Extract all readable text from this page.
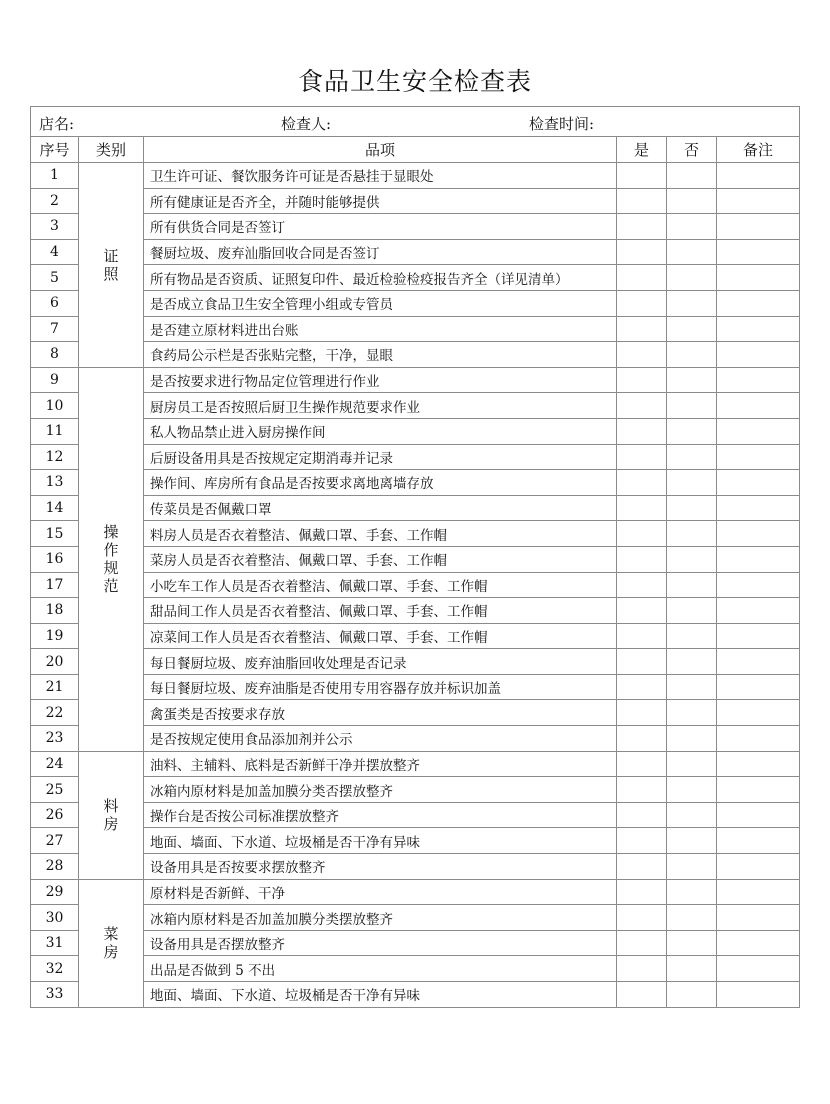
食品卫生安全检查表
店名: 检查人: 检查时间:					

序号	类别	品项	是	否	备注
1	证照	卫生许可证、餐饮服务许可证是否悬挂于显眼处			
2		所有健康证是否齐全，并随时能够提供			
3		所有供货合同是否签订			
4		餐厨垃圾、废弃汕脂回收合同是否签订			
5		所有物品是否资质、证照复印件、最近检验检疫报告齐全（详见清单）			
6		是否成立食品卫生安全管理小组或专管员			
7		是否建立原材料进出台账			
8		食药局公示栏是否张贴完整，干净，显眼			
9	操作规范	是否按要求进行物品定位管理进行作业			
10		厨房员工是否按照后厨卫生操作规范要求作业			
11		私人物品禁止进入厨房操作间			
12		后厨设备用具是否按规定定期消毒并记录			
13		操作间、库房所有食品是否按要求离地离墙存放			
14		传菜员是否佩戴口罩			
15		料房人员是否衣着整洁、佩戴口罩、手套、工作帽			
16		菜房人员是否衣着整洁、佩戴口罩、手套、工作帽			
17		小吃车工作人员是否衣着整洁、佩戴口罩、手套、工作帽			
18		甜品间工作人员是否衣着整洁、佩戴口罩、手套、工作帽			
19		凉菜间工作人员是否衣着整洁、佩戴口罩、手套、工作帽			
20		每日餐厨垃圾、废弃油脂回收处理是否记录			
21		每日餐厨垃圾、废弃油脂是否使用专用容器存放并标识加盖			
22		禽蛋类是否按要求存放			
23		是否按规定使用食品添加剂并公示			
24	料房	油料、主辅料、底料是否新鲜干净并摆放整齐			
25		冰箱内原材料是加盖加膜分类否摆放整齐			
26		操作台是否按公司标准摆放整齐			
27		地面、墙面、下水道、垃圾桶是否干净有异味			
28		设备用具是否按要求摆放整齐			
29	菜房	原材料是否新鲜、干净			
30		冰箱内原材料是否加盖加膜分类摆放整齐			
31		设备用具是否摆放整齐			
32		出品是否做到 5 不出			
33		地面、墙面、下水道、垃圾桶是否干净有异味			
